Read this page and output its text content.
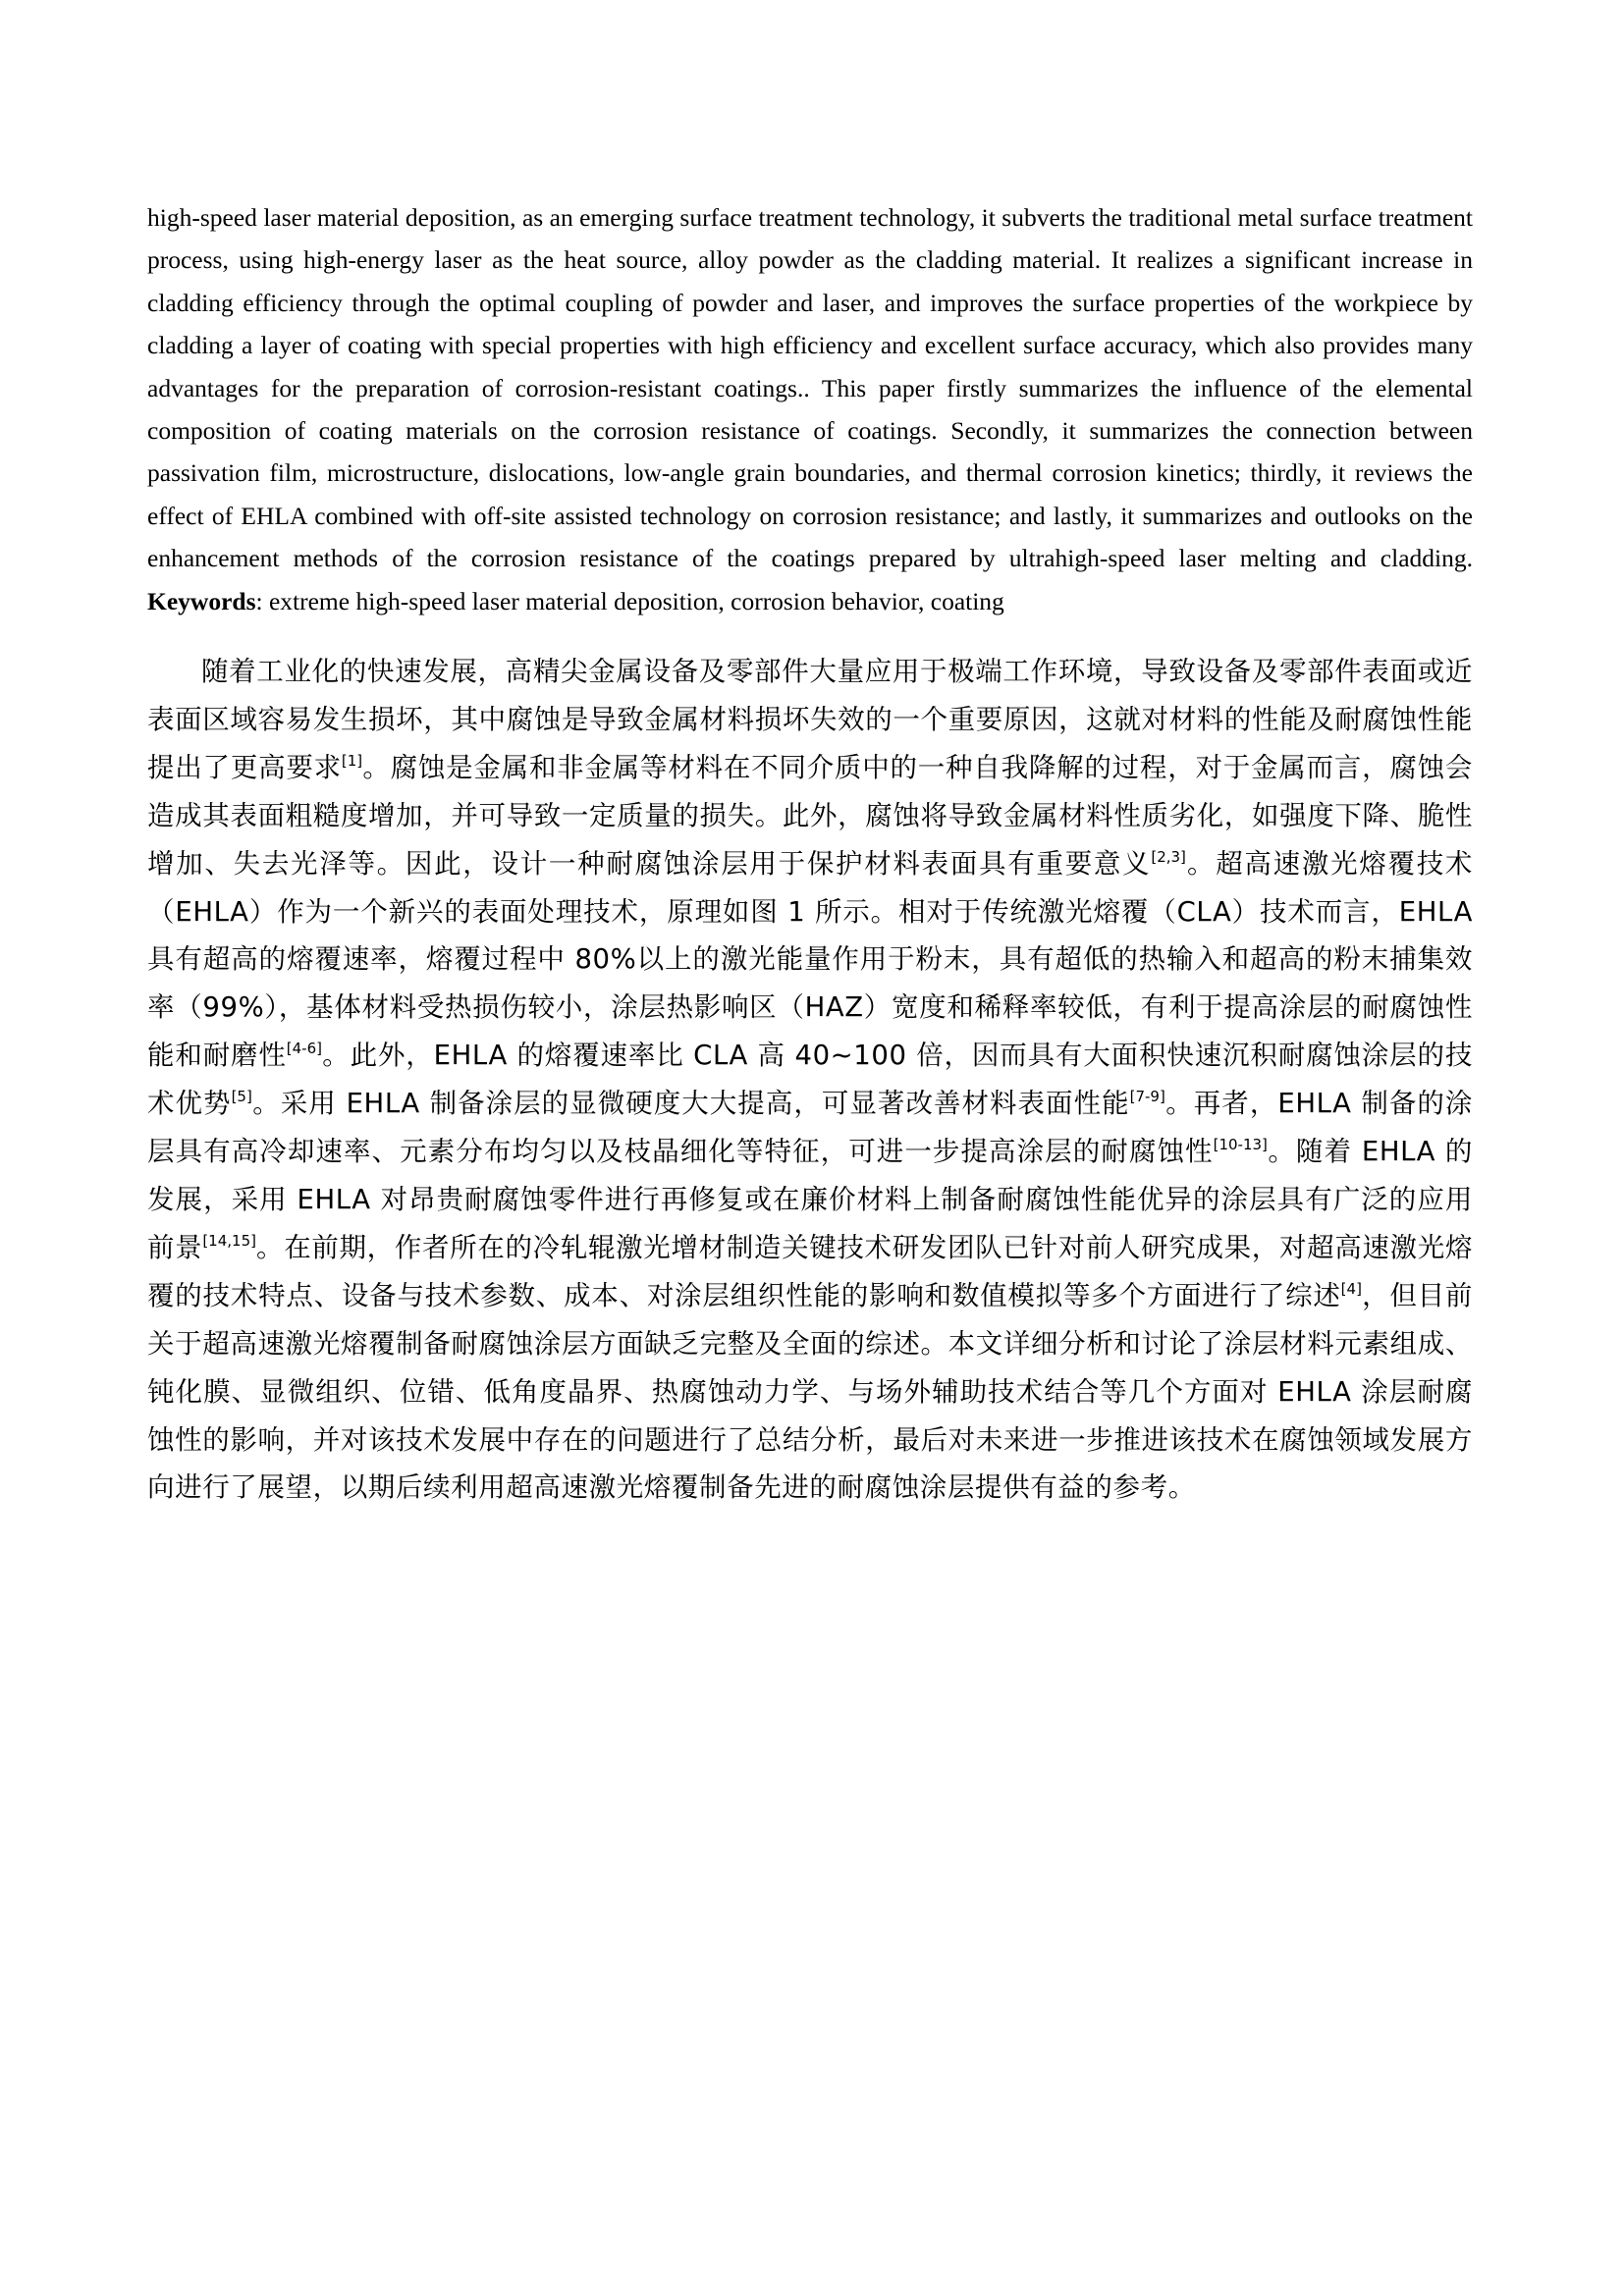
high-speed laser material deposition, as an emerging surface treatment technology, it subverts the traditional metal surface treatment process, using high-energy laser as the heat source, alloy powder as the cladding material. It realizes a significant increase in cladding efficiency through the optimal coupling of powder and laser, and improves the surface properties of the workpiece by cladding a layer of coating with special properties with high efficiency and excellent surface accuracy, which also provides many advantages for the preparation of corrosion-resistant coatings.. This paper firstly summarizes the influence of the elemental composition of coating materials on the corrosion resistance of coatings. Secondly, it summarizes the connection between passivation film, microstructure, dislocations, low-angle grain boundaries, and thermal corrosion kinetics; thirdly, it reviews the effect of EHLA combined with off-site assisted technology on corrosion resistance; and lastly, it summarizes and outlooks on the enhancement methods of the corrosion resistance of the coatings prepared by ultrahigh-speed laser melting and cladding. Keywords: extreme high-speed laser material deposition, corrosion behavior, coating

随着工业化的快速发展，高精尖金属设备及零部件大量应用于极端工作环境，导致设备及零部件表面或近表面区域容易发生损坏，其中腐蚀是导致金属材料损坏失效的一个重要原因，这就对材料的性能及耐腐蚀性能提出了更高要求[1]。腐蚀是金属和非金属等材料在不同介质中的一种自我降解的过程，对于金属而言，腐蚀会造成其表面粗糙度增加，并可导致一定质量的损失。此外，腐蚀将导致金属材料性质劣化，如强度下降、脆性增加、失去光泽等。因此，设计一种耐腐蚀涂层用于保护材料表面具有重要意义[2,3]。超高速激光熔覆技术（EHLA）作为一个新兴的表面处理技术，原理如图 1 所示。相对于传统激光熔覆（CLA）技术而言，EHLA 具有超高的熔覆速率，熔覆过程中 80%以上的激光能量作用于粉末，具有超低的热输入和超高的粉末捕集效率（99%），基体材料受热损伤较小，涂层热影响区（HAZ）宽度和稀释率较低，有利于提高涂层的耐腐蚀性能和耐磨性[4-6]。此外，EHLA 的熔覆速率比 CLA 高 40~100 倍，因而具有大面积快速沉积耐腐蚀涂层的技术优势[5]。采用 EHLA 制备涂层的显微硬度大大提高，可显著改善材料表面性能[7-9]。再者，EHLA 制备的涂层具有高冷却速率、元素分布均匀以及枝晶细化等特征，可进一步提高涂层的耐腐蚀性[10-13]。随着 EHLA 的发展，采用 EHLA 对昂贵耐腐蚀零件进行再修复或在廉价材料上制备耐腐蚀性能优异的涂层具有广泛的应用前景[14,15]。在前期，作者所在的冷轧辊激光增材制造关键技术研发团队已针对前人研究成果，对超高速激光熔覆的技术特点、设备与技术参数、成本、对涂层组织性能的影响和数值模拟等多个方面进行了综述[4]，但目前关于超高速激光熔覆制备耐腐蚀涂层方面缺乏完整及全面的综述。本文详细分析和讨论了涂层材料元素组成、钝化膜、显微组织、位错、低角度晶界、热腐蚀动力学、与场外辅助技术结合等几个方面对 EHLA 涂层耐腐蚀性的影响，并对该技术发展中存在的问题进行了总结分析，最后对未来进一步推进该技术在腐蚀领域发展方向进行了展望，以期后续利用超高速激光熔覆制备先进的耐腐蚀涂层提供有益的参考。
